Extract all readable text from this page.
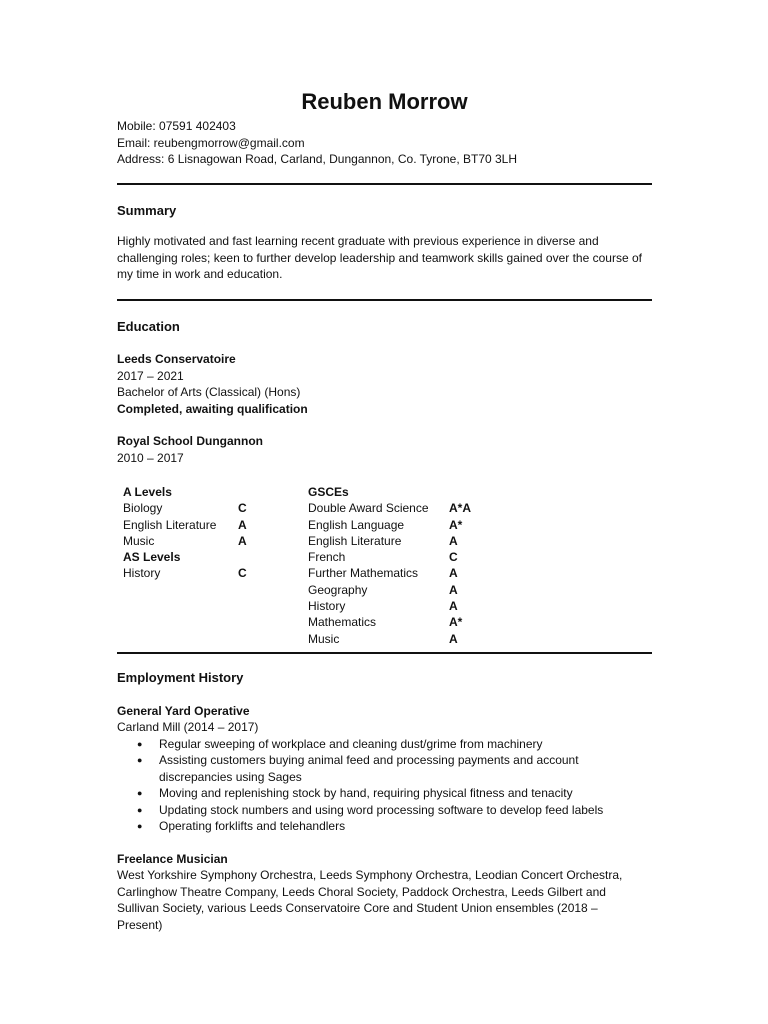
Reuben Morrow

Mobile: 07591 402403

Email: reubengmorrow@gmail.com

Address: 6 Lisnagowan Road, Carland, Dungannon, Co. Tyrone, BT70 3LH

Summary

Highly motivated and fast learning recent graduate with previous experience in diverse and challenging roles; keen to further develop leadership and teamwork skills gained over the course of my time in work and education.

Education

Leeds Conservatoire

2017 – 2021

Bachelor of Arts (Classical) (Hons)

Completed, awaiting qualification

Royal School Dungannon

2010 – 2017

A Levels
Biology	C
English Literature A
Music	A
AS Levels
History	C
GSCEs
Double Award Science A*A
English Language	A*
English Literature	A
French	C
Further Mathematics	A
Geography	A
History	A
Mathematics	A*
Music	A

Employment History

General Yard Operative

Carland Mill (2014 – 2017)

● Regular sweeping of workplace and cleaning dust/grime from machinery
● Assisting customers buying animal feed and processing payments and account discrepancies using Sages
● Moving and replenishing stock by hand, requiring physical fitness and tenacity
● Updating stock numbers and using word processing software to develop feed labels
● Operating forklifts and telehandlers

Freelance Musician

West Yorkshire Symphony Orchestra, Leeds Symphony Orchestra, Leodian Concert Orchestra, Carlinghow Theatre Company, Leeds Choral Society, Paddock Orchestra, Leeds Gilbert and Sullivan Society, various Leeds Conservatoire Core and Student Union ensembles (2018 – Present)
